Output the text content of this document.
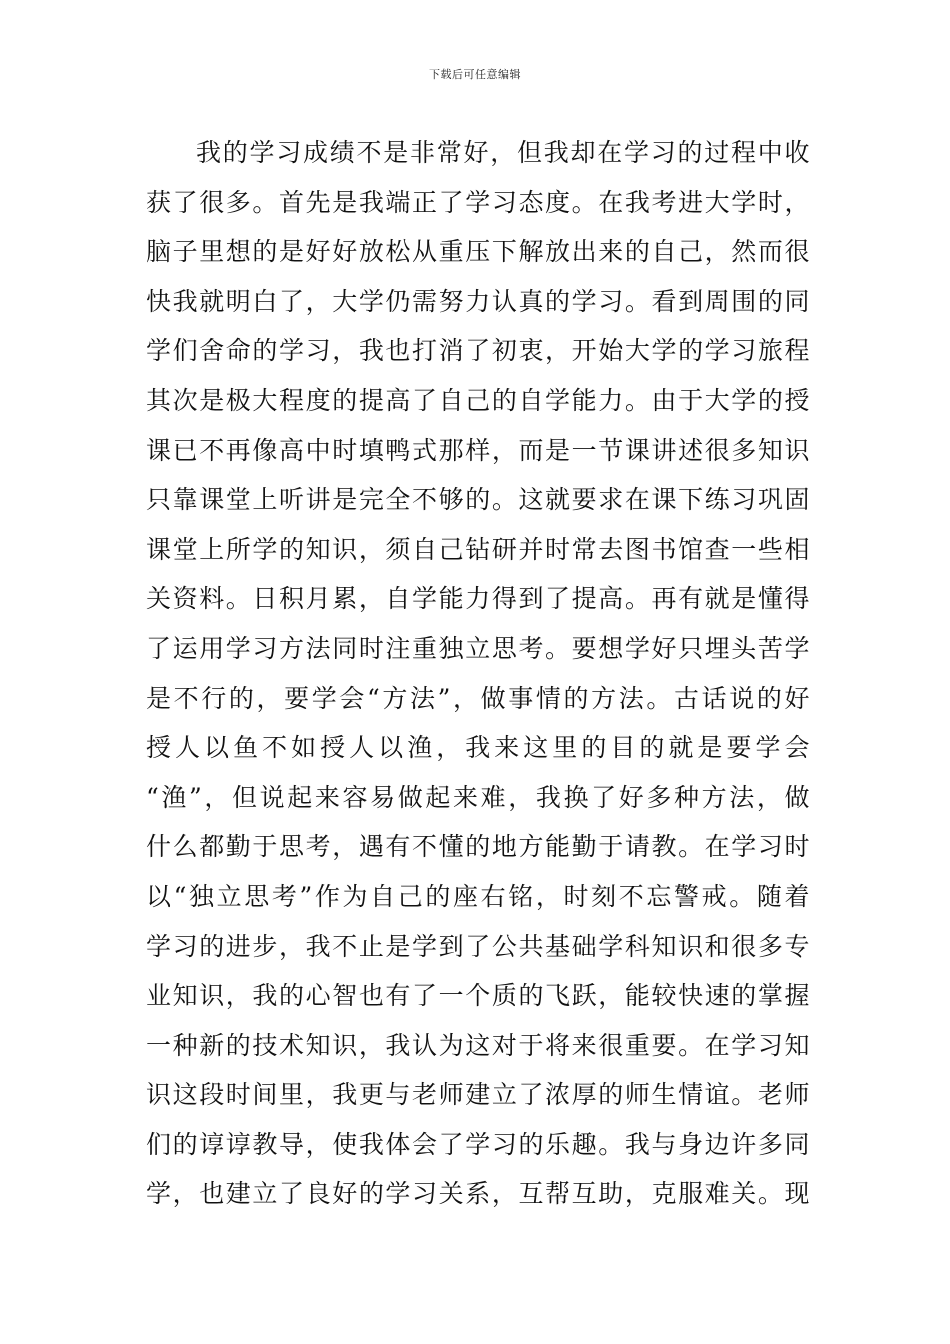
下载后可任意编辑
我的学习成绩不是非常好，但我却在学习的过程中收
获了很多。首先是我端正了学习态度。在我考进大学时，
脑子里想的是好好放松从重压下解放出来的自己，然而很
快我就明白了，大学仍需努力认真的学习。看到周围的同
学们舍命的学习，我也打消了初衷，开始大学的学习旅程
其次是极大程度的提高了自己的自学能力。由于大学的授
课已不再像高中时填鸭式那样，而是一节课讲述很多知识
只靠课堂上听讲是完全不够的。这就要求在课下练习巩固
课堂上所学的知识，须自己钻研并时常去图书馆查一些相
关资料。日积月累，自学能力得到了提高。再有就是懂得
了运用学习方法同时注重独立思考。要想学好只埋头苦学
是不行的，要学会“方法”，做事情的方法。古话说的好
授人以鱼不如授人以渔，我来这里的目的就是要学会
“渔”，但说起来容易做起来难，我换了好多种方法，做
什么都勤于思考，遇有不懂的地方能勤于请教。在学习时
以“独立思考”作为自己的座右铭，时刻不忘警戒。随着
学习的进步，我不止是学到了公共基础学科知识和很多专
业知识，我的心智也有了一个质的飞跃，能较快速的掌握
一种新的技术知识，我认为这对于将来很重要。在学习知
识这段时间里，我更与老师建立了浓厚的师生情谊。老师
们的谆谆教导，使我体会了学习的乐趣。我与身边许多同
学，也建立了良好的学习关系，互帮互助，克服难关。现
